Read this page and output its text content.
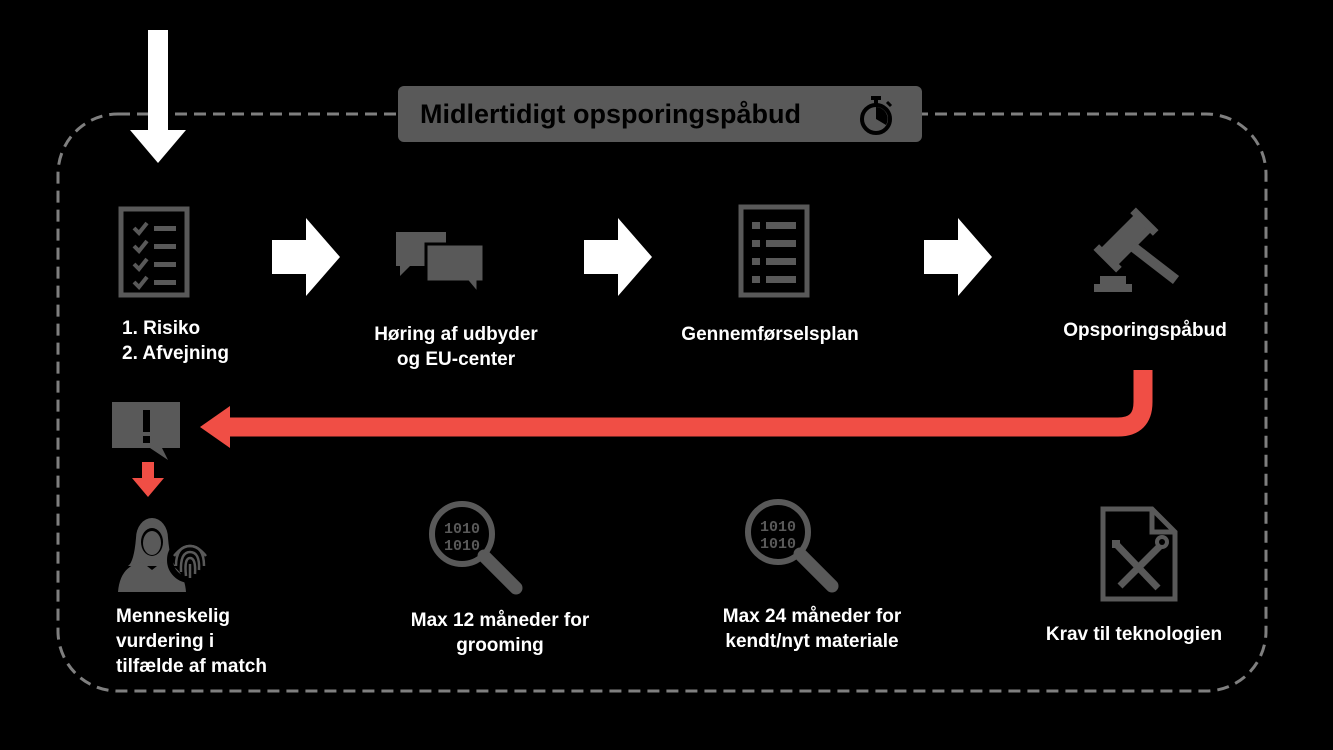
Midlertidigt opsporingspåbud
1. Risiko
2. Afvejning
Høring af udbyder
og EU-center
Gennemførselsplan	Opsporingspåbud
1010
1010
1010
1010
Menneskelig
vurdering i
tilfælde af match
Max 12 måneder for
grooming
Max 24 måneder for
kendt/nyt materiale	Krav til teknologien
